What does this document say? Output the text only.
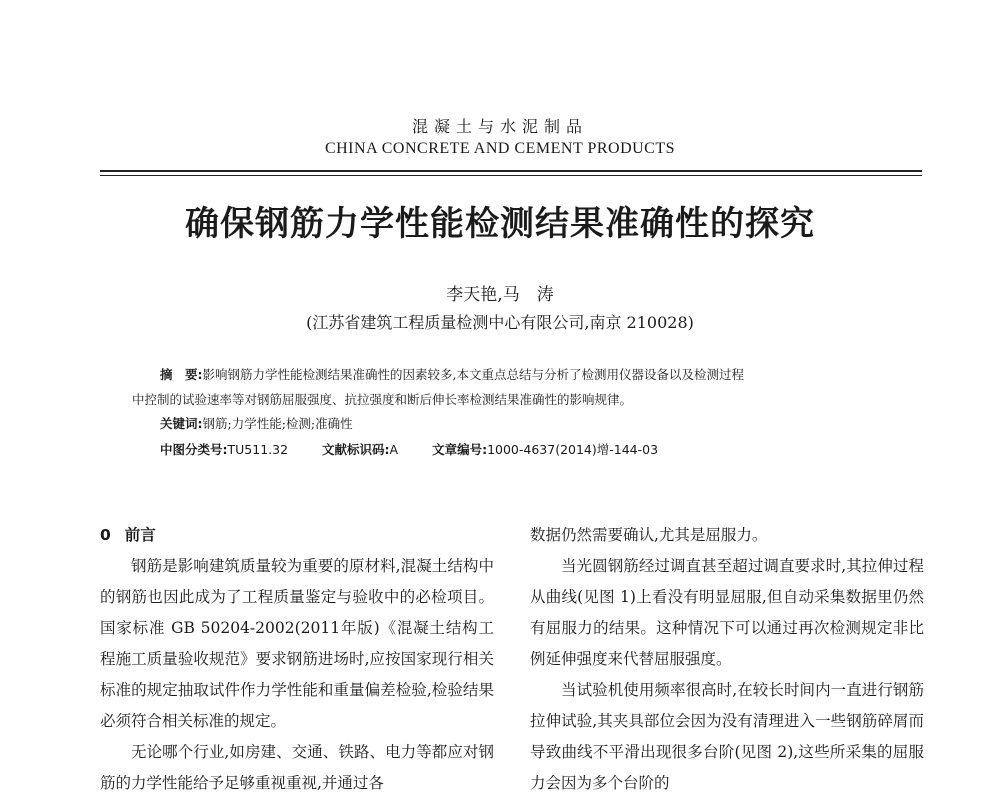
混凝土与水泥制品
CHINA CONCRETE AND CEMENT PRODUCTS
确保钢筋力学性能检测结果准确性的探究
李天艳,马　涛
(江苏省建筑工程质量检测中心有限公司,南京 210028)
摘　要:影响钢筋力学性能检测结果准确性的因素较多,本文重点总结与分析了检测用仪器设备以及检测过程
中控制的试验速率等对钢筋屈服强度、抗拉强度和断后伸长率检测结果准确性的影响规律。
关键词:钢筋;力学性能;检测;准确性
中图分类号:TU511.32	文献标识码:A	文章编号:1000-4637(2014)增-144-03
0 前言

钢筋是影响建筑质量较为重要的原材料,混凝土结构中的钢筋也因此成为了工程质量鉴定与验收中的必检项目。国家标准 GB 50204-2002(2011年版)《混凝土结构工程施工质量验收规范》要求钢筋进场时,应按国家现行相关标准的规定抽取试件作力学性能和重量偏差检验,检验结果必须符合相关标准的规定。

无论哪个行业,如房建、交通、铁路、电力等都应对钢筋的力学性能给予足够重视重视,并通过各

数据仍然需要确认,尤其是屈服力。

当光圆钢筋经过调直甚至超过调直要求时,其拉伸过程从曲线(见图 1)上看没有明显屈服,但自动采集数据里仍然有屈服力的结果。这种情况下可以通过再次检测规定非比例延伸强度来代替屈服强度。

当试验机使用频率很高时,在较长时间内一直进行钢筋拉伸试验,其夹具部位会因为没有清理进入一些钢筋碎屑而导致曲线不平滑出现很多台阶(见图 2),这些所采集的屈服力会因为多个台阶的
